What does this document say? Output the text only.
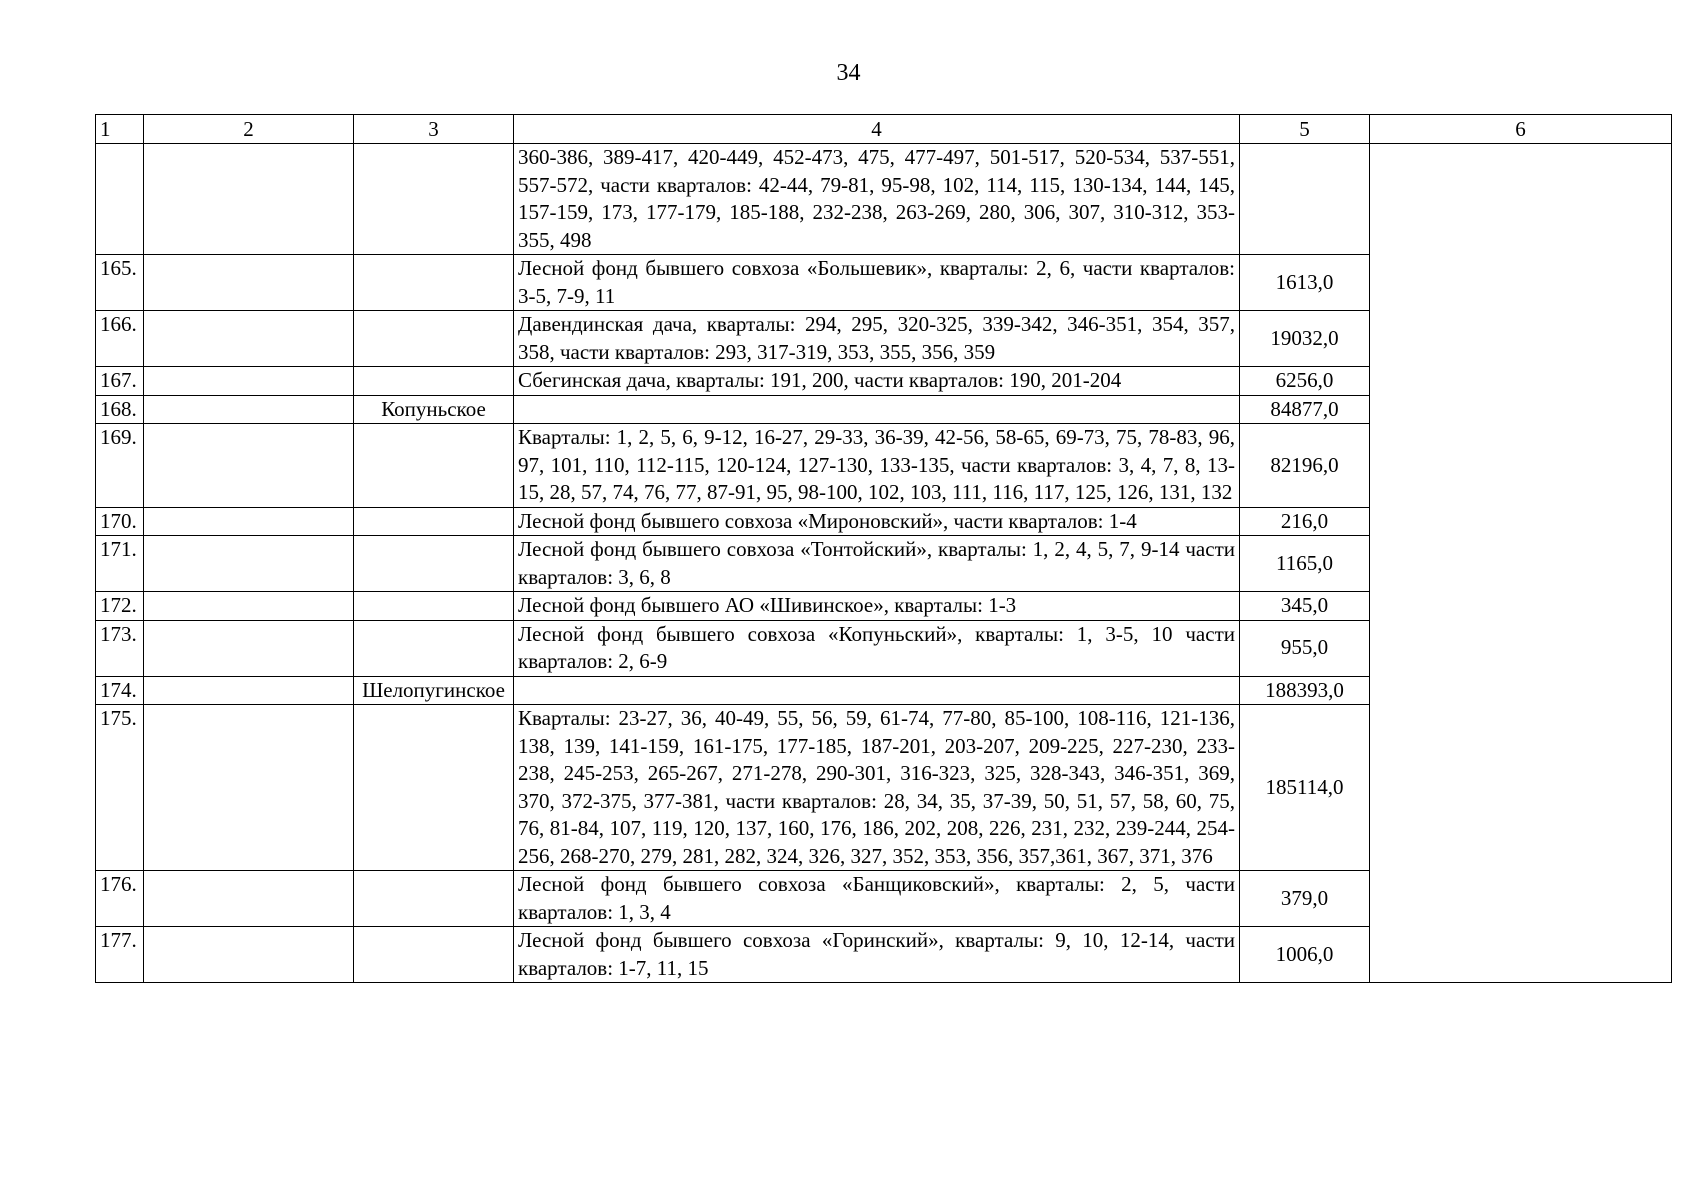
34
1	2	3	4	5	6
			360-386, 389-417, 420-449, 452-473, 475, 477-497, 501-517, 520-534, 537-551, 557-572, части кварталов: 42-44, 79-81, 95-98, 102, 114, 115, 130-134, 144, 145, 157-159, 173, 177-179, 185-188, 232-238, 263-269, 280, 306, 307, 310-312, 353-355, 498		
165.			Лесной фонд бывшего совхоза «Большевик», кварталы: 2, 6, части кварталов: 3-5, 7-9, 11	1613,0	
166.			Давендинская дача, кварталы: 294, 295, 320-325, 339-342, 346-351, 354, 357, 358, части кварталов: 293, 317-319, 353, 355, 356, 359	19032,0	
167.			Сбегинская дача, кварталы: 191, 200, части кварталов: 190, 201-204	6256,0	
168.		Копуньское		84877,0	
169.			Кварталы: 1, 2, 5, 6, 9-12, 16-27, 29-33, 36-39, 42-56, 58-65, 69-73, 75, 78-83, 96, 97, 101, 110, 112-115, 120-124, 127-130, 133-135, части кварталов: 3, 4, 7, 8, 13-15, 28, 57, 74, 76, 77, 87-91, 95, 98-100, 102, 103, 111, 116, 117, 125, 126, 131, 132	82196,0	
170.			Лесной фонд бывшего совхоза «Мироновский», части кварталов: 1-4	216,0	
171.			Лесной фонд бывшего совхоза «Тонтойский», кварталы: 1, 2, 4, 5, 7, 9-14 части кварталов: 3, 6, 8	1165,0	
172.			Лесной фонд бывшего АО «Шивинское», кварталы: 1-3	345,0	
173.			Лесной фонд бывшего совхоза «Копуньский», кварталы: 1, 3-5, 10 части кварталов: 2, 6-9	955,0	
174.		Шелопугинское		188393,0	
175.			Кварталы: 23-27, 36, 40-49, 55, 56, 59, 61-74, 77-80, 85-100, 108-116, 121-136, 138, 139, 141-159, 161-175, 177-185, 187-201, 203-207, 209-225, 227-230, 233-238, 245-253, 265-267, 271-278, 290-301, 316-323, 325, 328-343, 346-351, 369, 370, 372-375, 377-381, части кварталов: 28, 34, 35, 37-39, 50, 51, 57, 58, 60, 75, 76, 81-84, 107, 119, 120, 137, 160, 176, 186, 202, 208, 226, 231, 232, 239-244, 254-256, 268-270, 279, 281, 282, 324, 326, 327, 352, 353, 356, 357,361, 367, 371, 376	185114,0	
176.			Лесной фонд бывшего совхоза «Банщиковский», кварталы: 2, 5, части кварталов: 1, 3, 4	379,0	
177.			Лесной фонд бывшего совхоза «Горинский», кварталы: 9, 10, 12-14, части кварталов: 1-7, 11, 15	1006,0	
